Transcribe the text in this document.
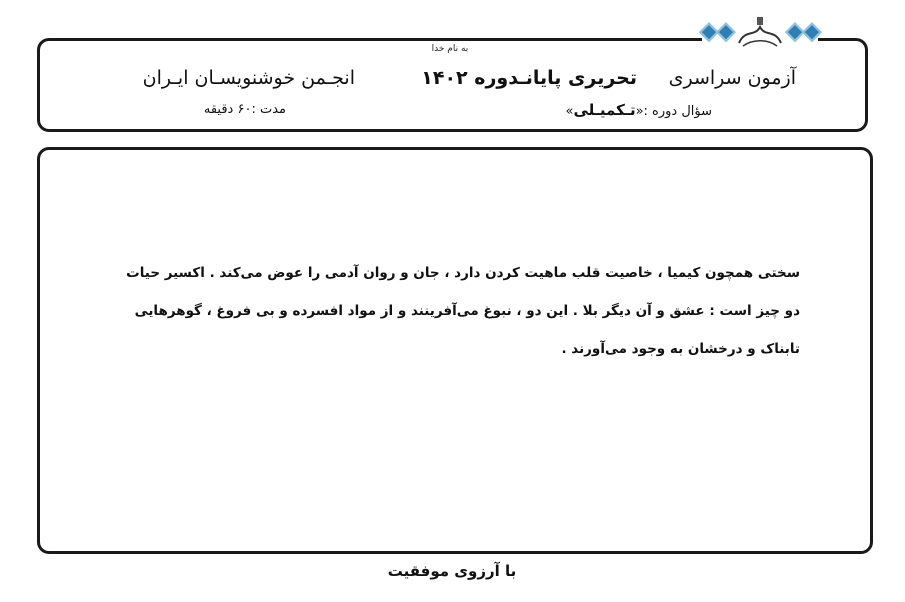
به نام خدا
آزمون سراسری
تحریری پایانـدوره ۱۴۰۲
انجـمن خوشنویسـان ایـران
سؤال دوره :«تـکمیـلی»
مدت :۶۰ دقیقه

سختی همچون کیمیا ، خاصیت قلب ماهیت کردن دارد ، جان و روان آدمی را عوض می‌کند . اکسیر حیات
دو چیز است : عشق و آن دیگر بلا . این دو ، نبوغ می‌آفرینند و از مواد افسرده و بی فروغ ، گوهرهایی
تابناک و درخشان به وجود می‌آورند .

با آرزوی موفقیت
